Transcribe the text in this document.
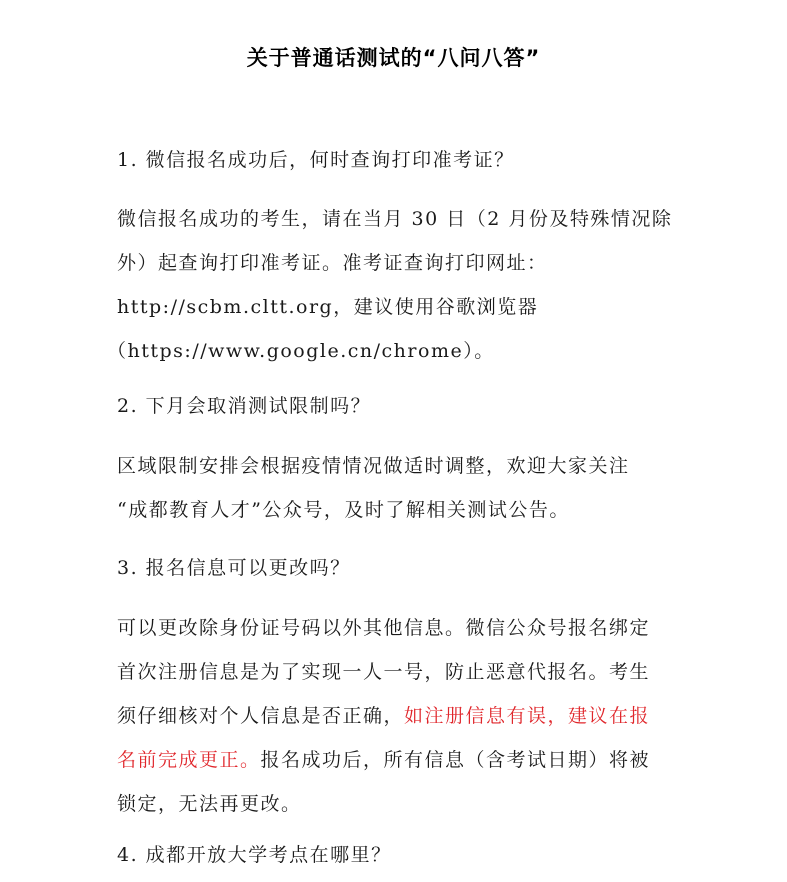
关于普通话测试的“八问八答”
1. 微信报名成功后，何时查询打印准考证？
微信报名成功的考生，请在当月 30 日（2 月份及特殊情况除
外）起查询打印准考证。准考证查询打印网址：
http://scbm.cltt.org，建议使用谷歌浏览器
（https://www.google.cn/chrome）。
2. 下月会取消测试限制吗？
区域限制安排会根据疫情情况做适时调整，欢迎大家关注
“成都教育人才”公众号，及时了解相关测试公告。
3. 报名信息可以更改吗？
可以更改除身份证号码以外其他信息。微信公众号报名绑定
首次注册信息是为了实现一人一号，防止恶意代报名。考生
须仔细核对个人信息是否正确，如注册信息有误，建议在报
名前完成更正。报名成功后，所有信息（含考试日期）将被
锁定，无法再更改。
4. 成都开放大学考点在哪里？
